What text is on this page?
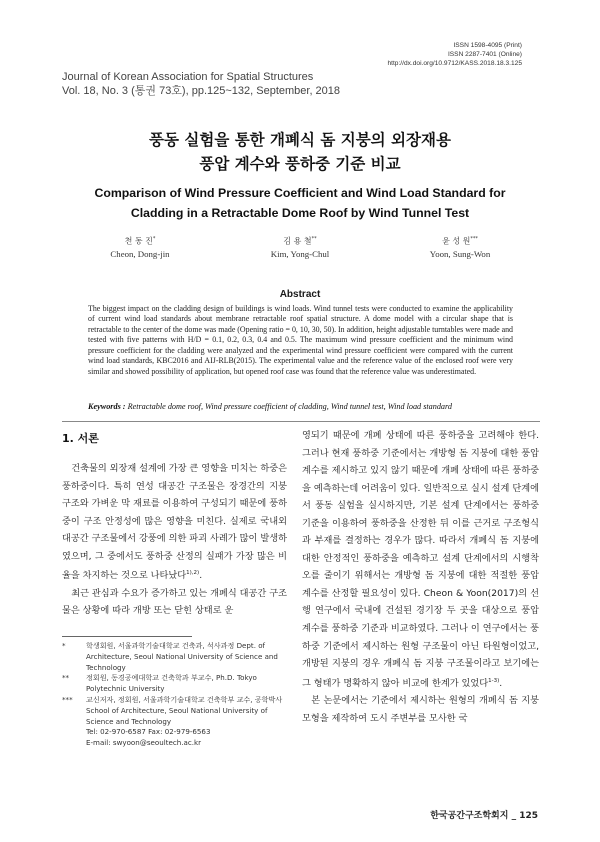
ISSN 1598-4095 (Print)
ISSN 2287-7401 (Online)
http://dx.doi.org/10.9712/KASS.2018.18.3.125
Journal of Korean Association for Spatial Structures
Vol. 18, No. 3 (통권 73호), pp.125~132, September, 2018
풍동 실험을 통한 개폐식 돔 지붕의 외장재용
풍압 계수와 풍하중 기준 비교
Comparison of Wind Pressure Coefficient and Wind Load Standard for
Cladding in a Retractable Dome Roof by Wind Tunnel Test
천 동 진*
Cheon, Dong-jin
김 용 철**
Kim, Yong-Chul
윤 성 원***
Yoon, Sung-Won
Abstract
The biggest impact on the cladding design of buildings is wind loads. Wind tunnel tests were conducted to examine the applicability of current wind load standards about membrane retractable roof spatial structure. A dome model with a circular shape that is retractable to the center of the dome was made (Opening ratio = 0, 10, 30, 50). In addition, height adjustable turntables were made and tested with five patterns with H/D = 0.1, 0.2, 0.3, 0.4 and 0.5. The maximum wind pressure coefficient and the minimum wind pressure coefficient for the cladding were analyzed and the experimental wind pressure coefficient were compared with the current wind load standards, KBC2016 and AIJ-RLB(2015). The experimental value and the reference value of the enclosed roof were very similar and showed possibility of application, but opened roof case was found that the reference value was underestimated.
Keywords : Retractable dome roof, Wind pressure coefficient of cladding, Wind tunnel test, Wind load standard
1. 서론

건축물의 외장재 설계에 가장 큰 영향을 미치는 하중은 풍하중이다. 특히 연성 대공간 구조물은 장경간의 지붕 구조와 가벼운 막 재료를 이용하여 구성되기 때문에 풍하중이 구조 안정성에 많은 영향을 미친다. 실제로 국내외 대공간 구조물에서 강풍에 의한 파괴 사례가 많이 발생하였으며, 그 중에서도 풍하중 산정의 실패가 가장 많은 비율을 차지하는 것으로 나타났다$^{1),2)}$.

최근 관심과 수요가 증가하고 있는 개폐식 대공간 구조물은 상황에 따라 개방 또는 닫힌 상태로 운

*	학생회원, 서울과학기술대학교 건축과, 석사과정 Dept. of Architecture, Seoul National University of Science and Technology
**	정회원, 동경공예대학교 건축학과 부교수, Ph.D. Tokyo Polytechnic University
***	교신저자, 정회원, 서울과학기술대학교 건축학부 교수, 공학박사 School of Architecture, Seoul National University of Science and Technology
Tel: 02-970-6587 Fax: 02-979-6563
E-mail: swyoon@seoultech.ac.kr

영되기 때문에 개폐 상태에 따른 풍하중을 고려해야 한다. 그러나 현재 풍하중 기준에서는 개방형 돔 지붕에 대한 풍압 계수를 제시하고 있지 않기 때문에 개폐 상태에 따른 풍하중을 예측하는데 어려움이 있다. 일반적으로 실시 설계 단계에서 풍동 실험을 실시하지만, 기본 설계 단계에서는 풍하중 기준을 이용하여 풍하중을 산정한 뒤 이를 근거로 구조형식과 부재를 결정하는 경우가 많다. 따라서 개폐식 돔 지붕에 대한 안정적인 풍하중을 예측하고 설계 단계에서의 시행착오를 줄이기 위해서는 개방형 돔 지붕에 대한 적절한 풍압 계수를 산정할 필요성이 있다. Cheon & Yoon(2017)의 선행 연구에서 국내에 건설된 경기장 두 곳을 대상으로 풍압 계수를 풍하중 기준과 비교하였다. 그러나 이 연구에서는 풍하중 기준에서 제시하는 원형 구조물이 아닌 타원형이었고, 개방된 지붕의 경우 개폐식 돔 지붕 구조물이라고 보기에는 그 형태가 명확하지 않아 비교에 한계가 있었다$^{1-3)}$.

본 논문에서는 기준에서 제시하는 원형의 개폐식 돔 지붕 모형을 제작하여 도시 주변부를 모사한 국

한국공간구조학회지 _ 125
